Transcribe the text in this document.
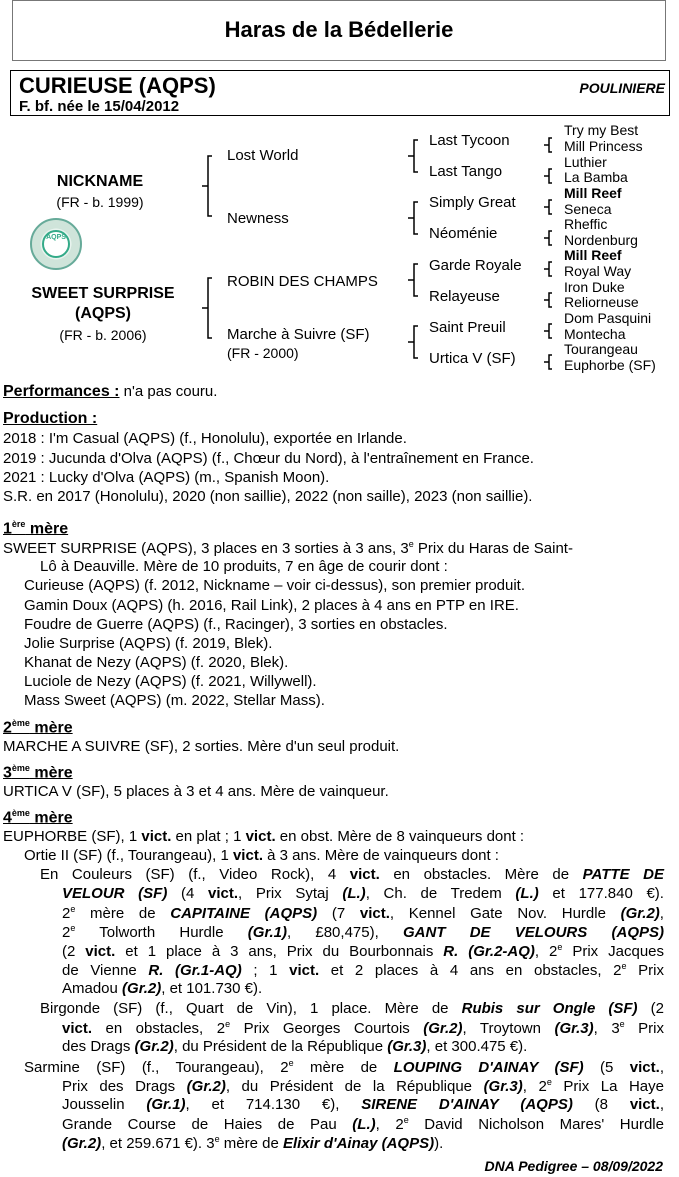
Haras de la Bédellerie
CURIEUSE (AQPS)
F. bf. née le 15/04/2012
POULINIERE
NICKNAME
(FR - b. 1999)
AQPS
SWEET SURPRISE
(AQPS)
(FR - b. 2006)
Lost World
Newness
ROBIN DES CHAMPS
Marche à Suivre (SF)
(FR - 2000)
Last Tycoon
Last Tango
Simply Great
Néoménie
Garde Royale
Relayeuse
Saint Preuil
Urtica V (SF)
Try my Best
Mill Princess
Luthier
La Bamba
Mill Reef
Seneca
Rheffic
Nordenburg
Mill Reef
Royal Way
Iron Duke
Reliorneuse
Dom Pasquini
Montecha
Tourangeau
Euphorbe (SF)
Performances : n'a pas couru.
Production :
2018 : I'm Casual (AQPS) (f., Honolulu), exportée en Irlande.
2019 : Jucunda d'Olva (AQPS) (f., Chœur du Nord), à l'entraînement en France.
2021 : Lucky d'Olva (AQPS) (m., Spanish Moon).
S.R. en 2017 (Honolulu), 2020 (non saillie), 2022 (non saille), 2023 (non saillie).
1ère mère
SWEET SURPRISE (AQPS), 3 places en 3 sorties à 3 ans, 3e Prix du Haras de Saint-
Lô à Deauville. Mère de 10 produits, 7 en âge de courir dont :
Curieuse (AQPS) (f. 2012, Nickname – voir ci-dessus), son premier produit.
Gamin Doux (AQPS) (h. 2016, Rail Link), 2 places à 4 ans en PTP en IRE.
Foudre de Guerre (AQPS) (f., Racinger), 3 sorties en obstacles.
Jolie Surprise (AQPS) (f. 2019, Blek).
Khanat de Nezy (AQPS) (f. 2020, Blek).
Luciole de Nezy (AQPS) (f. 2021, Willywell).
Mass Sweet (AQPS) (m. 2022, Stellar Mass).
2ème mère
MARCHE A SUIVRE (SF), 2 sorties. Mère d'un seul produit.
3ème mère
URTICA V (SF), 5 places à 3 et 4 ans. Mère de vainqueur.
4ème mère
EUPHORBE (SF), 1 vict. en plat ; 1 vict. en obst. Mère de 8 vainqueurs dont :
Ortie II (SF) (f., Tourangeau), 1 vict. à 3 ans. Mère de vainqueurs dont :
En Couleurs (SF) (f., Video Rock), 4 vict. en obstacles. Mère de PATTE DE
VELOUR (SF) (4 vict., Prix Sytaj (L.), Ch. de Tredem (L.) et 177.840 €).
2e mère de CAPITAINE (AQPS) (7 vict., Kennel Gate Nov. Hurdle (Gr.2),
2e Tolworth Hurdle (Gr.1), £80,475), GANT DE VELOURS (AQPS)
(2 vict. et 1 place à 3 ans, Prix du Bourbonnais R. (Gr.2-AQ), 2e Prix Jacques
de Vienne R. (Gr.1-AQ) ; 1 vict. et 2 places à 4 ans en obstacles, 2e Prix
Amadou (Gr.2), et 101.730 €).
Birgonde (SF) (f., Quart de Vin), 1 place. Mère de Rubis sur Ongle (SF) (2
vict. en obstacles, 2e Prix Georges Courtois (Gr.2), Troytown (Gr.3), 3e Prix
des Drags (Gr.2), du Président de la République (Gr.3), et 300.475 €).
Sarmine (SF) (f., Tourangeau), 2e mère de LOUPING D'AINAY (SF) (5 vict.,
Prix des Drags (Gr.2), du Président de la République (Gr.3), 2e Prix La Haye
Jousselin (Gr.1), et 714.130 €), SIRENE D'AINAY (AQPS) (8 vict.,
Grande Course de Haies de Pau (L.), 2e David Nicholson Mares' Hurdle
(Gr.2), et 259.671 €). 3e mère de Elixir d'Ainay (AQPS)).
DNA Pedigree – 08/09/2022
